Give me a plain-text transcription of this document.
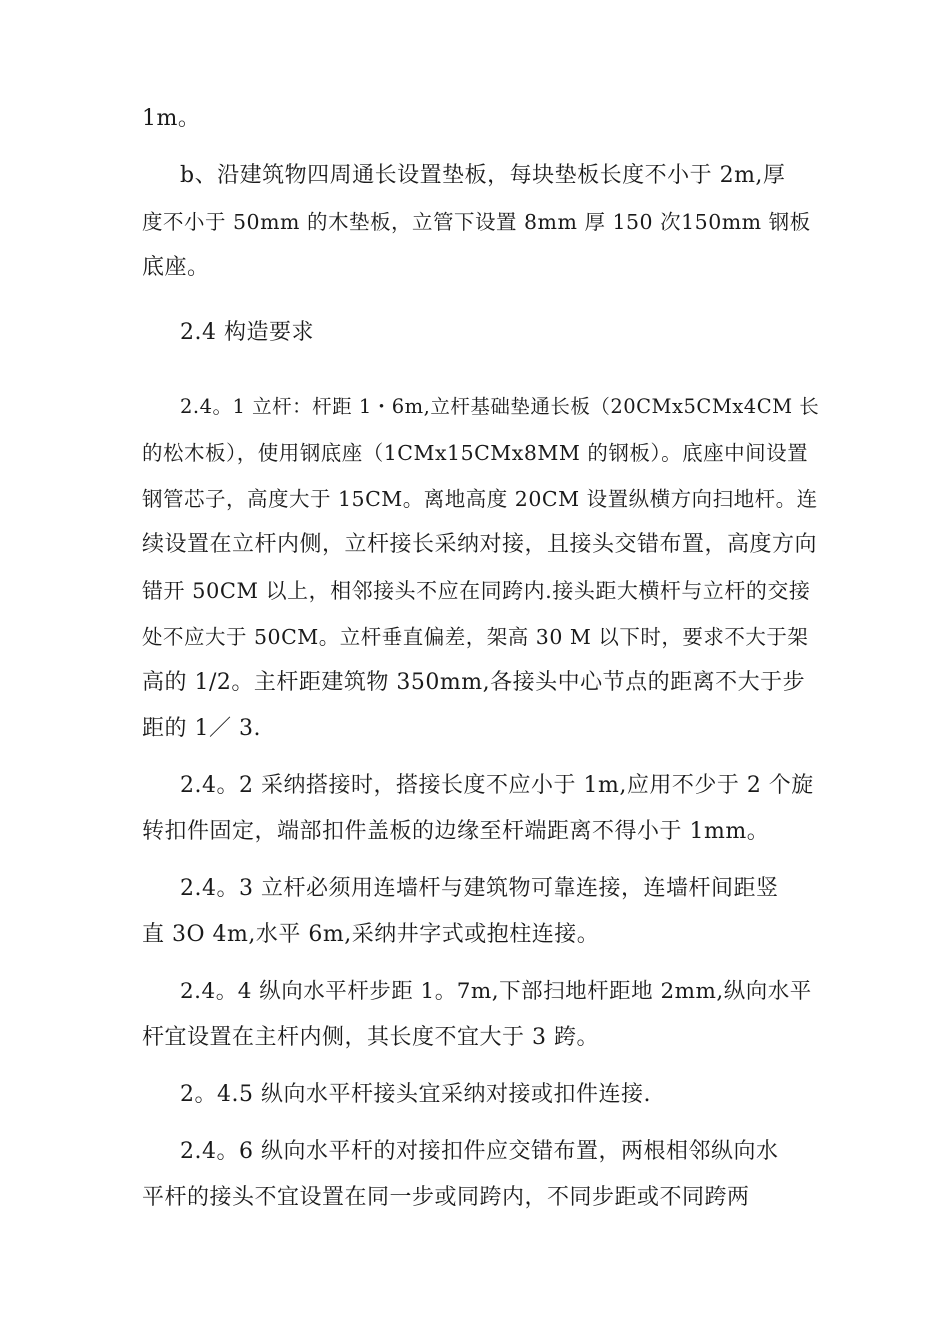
1m。
b、沿建筑物四周通长设置垫板，每块垫板长度不小于 2m,厚
度不小于 50mm 的木垫板，立管下设置 8mm 厚 150 次150mm 钢板
底座。
2.4 构造要求
2.4。1 立杆：杆距 1・6m,立杆基础垫通长板（20CMx5CMx4CM 长
的松木板），使用钢底座（1CMx15CMx8MM 的钢板）。底座中间设置
钢管芯子，高度大于 15CM。离地高度 20CM 设置纵横方向扫地杆。连
续设置在立杆内侧，立杆接长采纳对接，且接头交错布置，高度方向
错开 50CM 以上，相邻接头不应在同跨内.接头距大横杆与立杆的交接
处不应大于 50CM。立杆垂直偏差，架高 30 M 以下时，要求不大于架
高的 1/2。主杆距建筑物 350mm,各接头中心节点的距离不大于步
距的 1／ 3.
2.4。2 采纳搭接时，搭接长度不应小于 1m,应用不少于 2 个旋
转扣件固定，端部扣件盖板的边缘至杆端距离不得小于 1mm。
2.4。3 立杆必须用连墙杆与建筑物可靠连接，连墙杆间距竖
直 3O 4m,水平 6m,采纳井字式或抱柱连接。
2.4。4 纵向水平杆步距 1。7m,下部扫地杆距地 2mm,纵向水平
杆宜设置在主杆内侧，其长度不宜大于 3 跨。
2。4.5 纵向水平杆接头宜采纳对接或扣件连接.
2.4。6 纵向水平杆的对接扣件应交错布置，两根相邻纵向水
平杆的接头不宜设置在同一步或同跨内，不同步距或不同跨两
